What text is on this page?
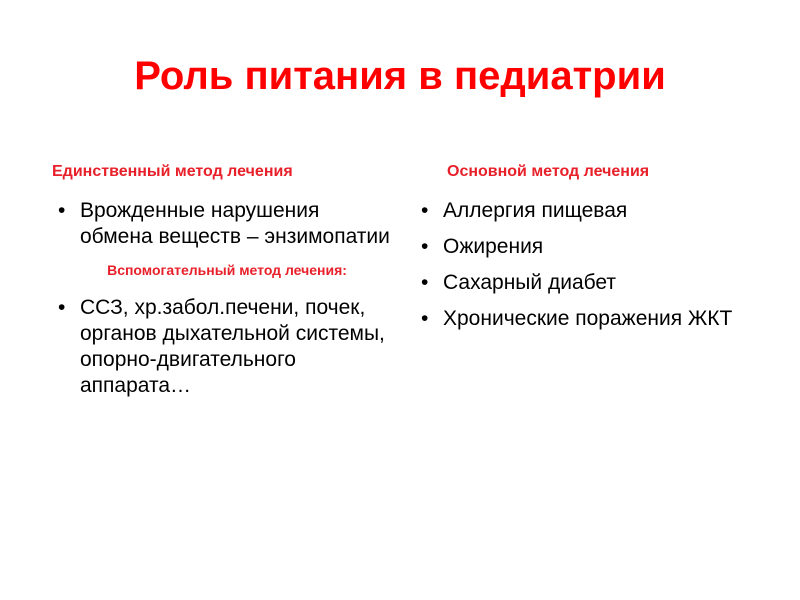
Роль питания в педиатрии
Единственный метод лечения
• Врожденные нарушения обмена веществ – энзимопатии
Вспомогательный метод лечения:
• ССЗ, хр.забол.печени, почек, органов дыхательной системы, опорно-двигательного аппарата…
Основной метод лечения
• Аллергия пищевая
• Ожирения
• Сахарный диабет
• Хронические поражения ЖКТ
